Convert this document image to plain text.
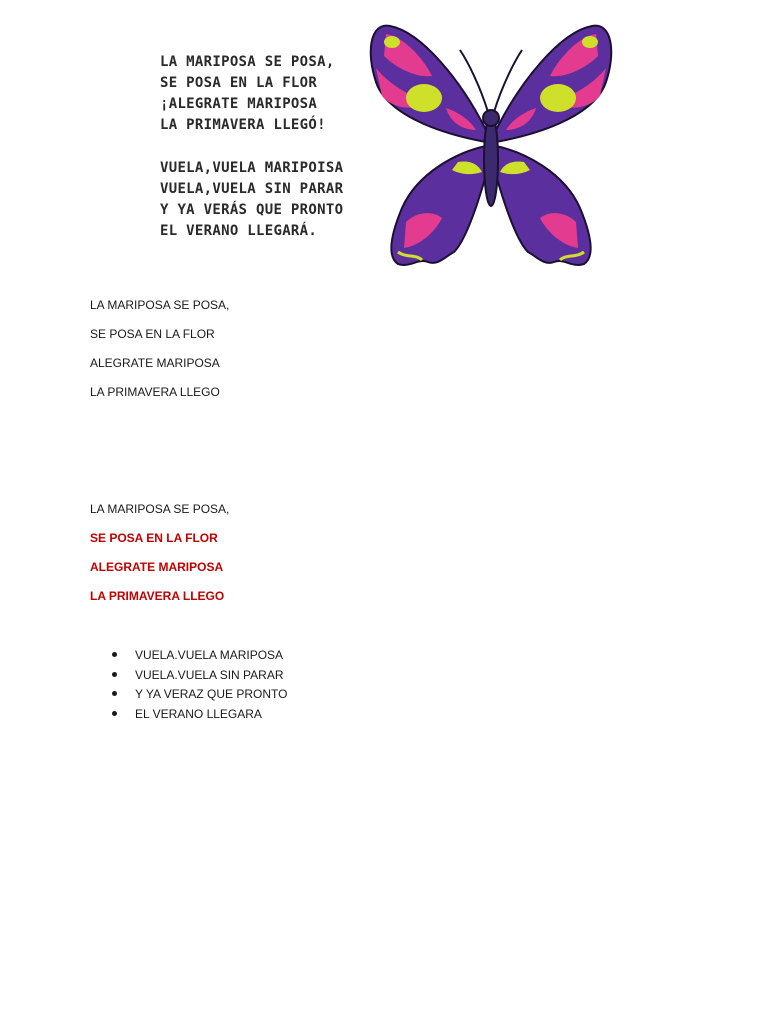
LA MARIPOSA SE POSA,
SE POSA EN LA FLOR
¡ALEGRATE MARIPOSA
LA PRIMAVERA LLEGÓ!
VUELA,VUELA MARIPOISA
VUELA,VUELA SIN PARAR
Y YA VERÁS QUE PRONTO
EL VERANO LLEGARÁ.
LA MARIPOSA SE POSA,
SE POSA EN LA FLOR
ALEGRATE MARIPOSA
LA PRIMAVERA LLEGO
LA MARIPOSA SE POSA,
SE POSA EN LA FLOR
ALEGRATE MARIPOSA
LA PRIMAVERA LLEGO
VUELA.VUELA MARIPOSA
VUELA.VUELA SIN PARAR
Y YA VERAZ QUE PRONTO
EL VERANO LLEGARA
